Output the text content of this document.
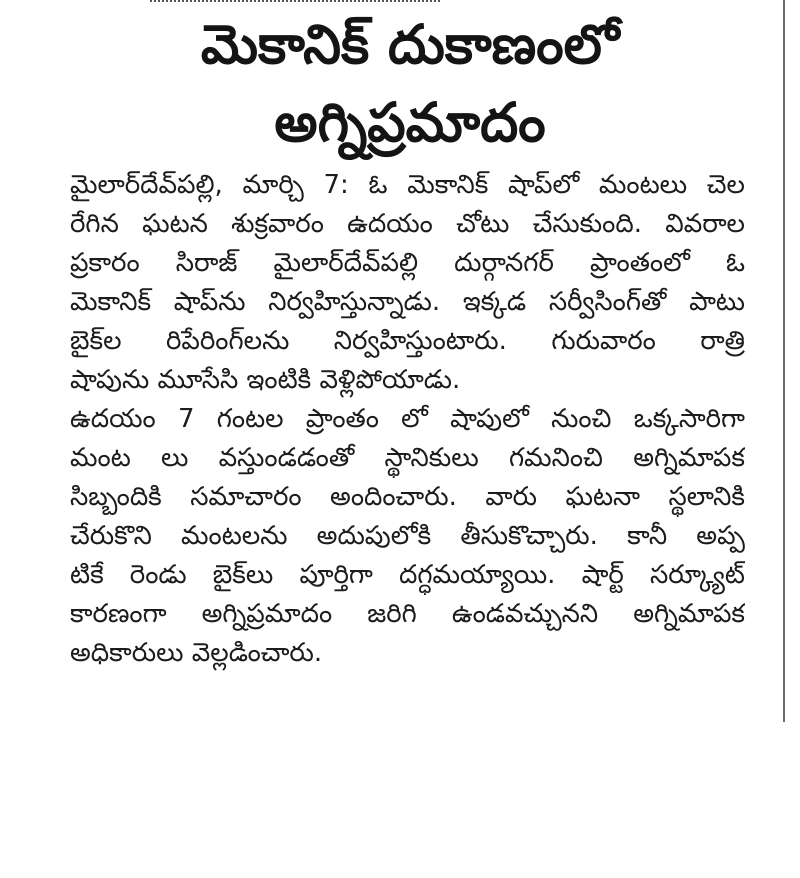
మెకానిక్ దుకాణంలో
అగ్నిప్రమాదం
మైలార్‌దేవ్‌పల్లి, మార్చి 7: ఓ మెకానిక్ షాప్‌లో మంటలు చెల
రేగిన ఘటన శుక్రవారం ఉదయం చోటు చేసుకుంది. వివరాల
ప్రకారం సిరాజ్ మైలార్‌దేవ్‌పల్లి దుర్గానగర్ ప్రాంతంలో ఓ
మెకానిక్ షాప్‌ను నిర్వహిస్తున్నాడు. ఇక్కడ సర్వీసింగ్‌తో పాటు
బైక్‌ల రిపేరింగ్‌లను నిర్వహిస్తుంటారు. గురువారం రాత్రి
షాపును మూసేసి ఇంటికి వెళ్లిపోయాడు.
ఉదయం 7 గంటల ప్రాంతం లో షాపులో నుంచి ఒక్కసారిగా
మంట లు వస్తుండడంతో స్థానికులు గమనించి అగ్నిమాపక
సిబ్బందికి సమాచారం అందించారు. వారు ఘటనా స్థలానికి
చేరుకొని మంటలను అదుపులోకి తీసుకొచ్చారు. కానీ అప్ప
టికే రెండు బైక్‌లు పూర్తిగా దగ్ధమయ్యాయి. షార్ట్ సర్క్యూట్
కారణంగా అగ్నిప్రమాదం జరిగి ఉండవచ్చునని అగ్నిమాపక
అధికారులు వెల్లడించారు.
